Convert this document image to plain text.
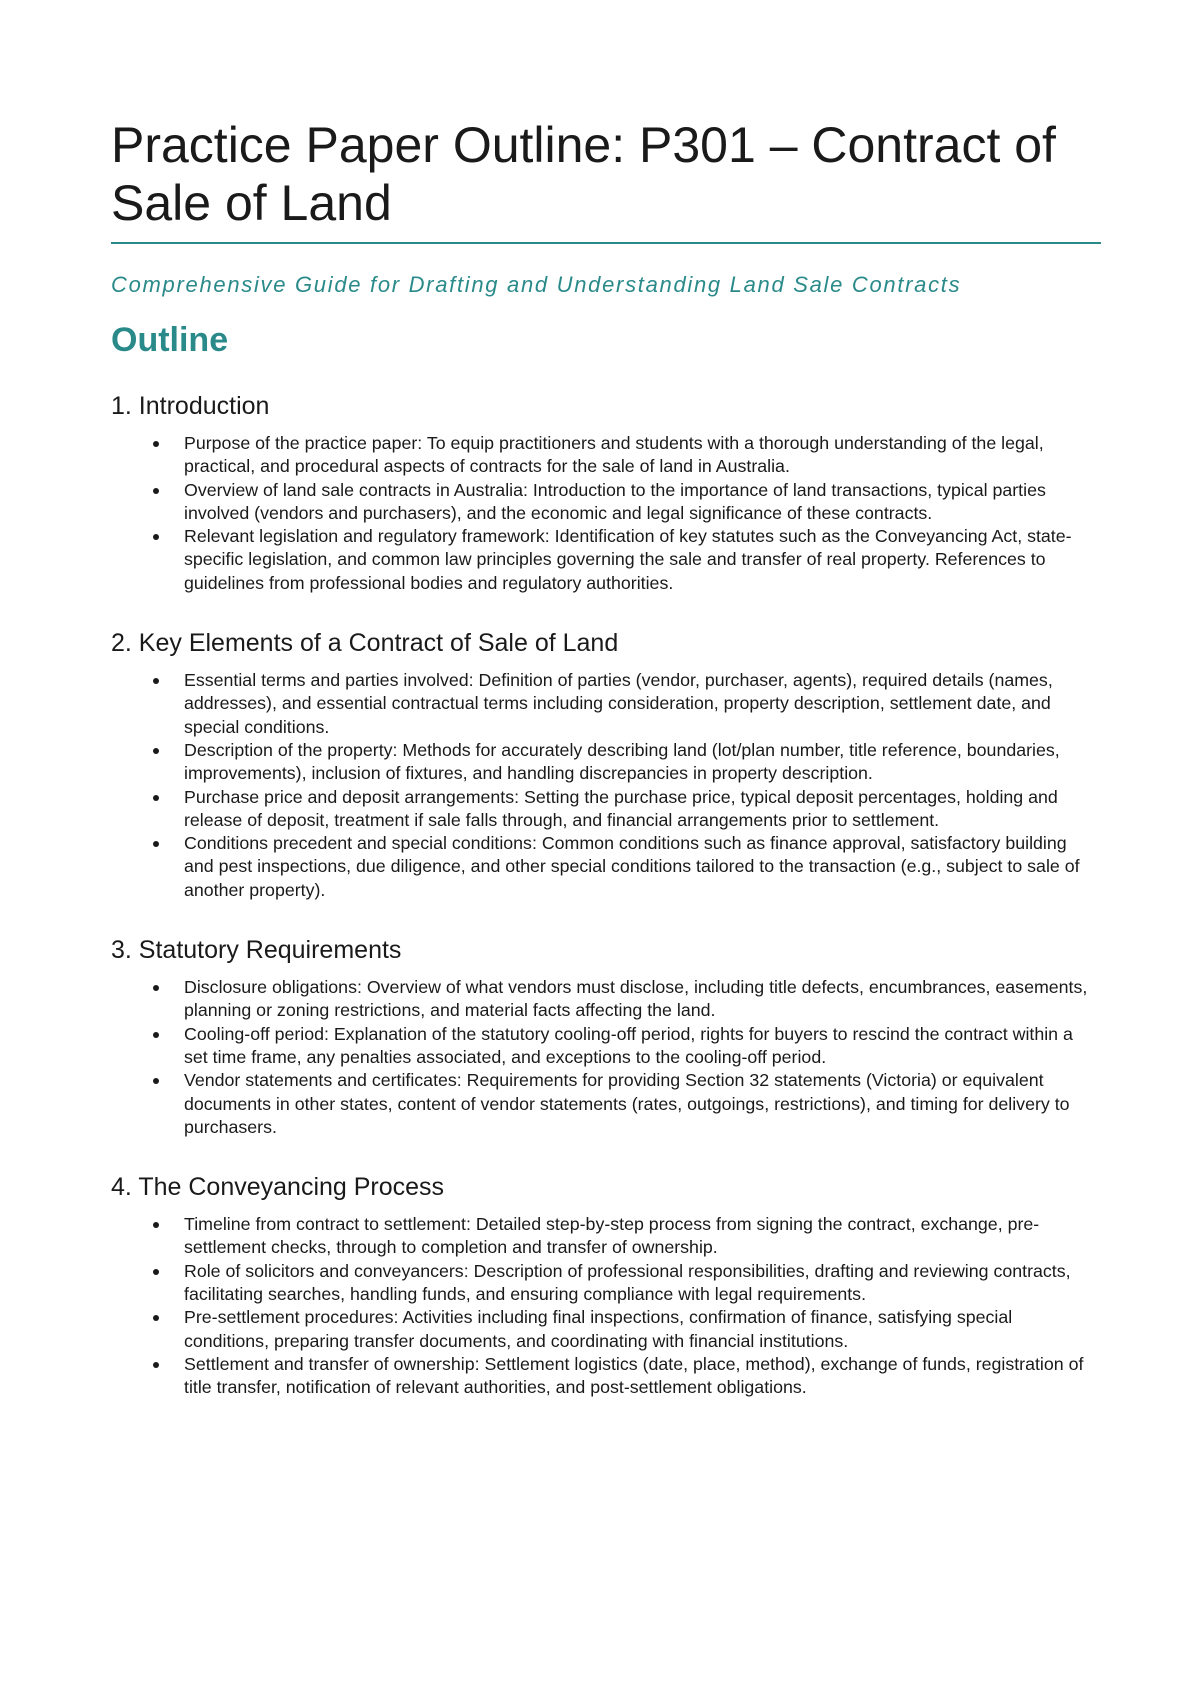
Practice Paper Outline: P301 – Contract of Sale of Land
Comprehensive Guide for Drafting and Understanding Land Sale Contracts
Outline
1. Introduction
Purpose of the practice paper: To equip practitioners and students with a thorough understanding of the legal, practical, and procedural aspects of contracts for the sale of land in Australia.
Overview of land sale contracts in Australia: Introduction to the importance of land transactions, typical parties involved (vendors and purchasers), and the economic and legal significance of these contracts.
Relevant legislation and regulatory framework: Identification of key statutes such as the Conveyancing Act, state-specific legislation, and common law principles governing the sale and transfer of real property. References to guidelines from professional bodies and regulatory authorities.
2. Key Elements of a Contract of Sale of Land
Essential terms and parties involved: Definition of parties (vendor, purchaser, agents), required details (names, addresses), and essential contractual terms including consideration, property description, settlement date, and special conditions.
Description of the property: Methods for accurately describing land (lot/plan number, title reference, boundaries, improvements), inclusion of fixtures, and handling discrepancies in property description.
Purchase price and deposit arrangements: Setting the purchase price, typical deposit percentages, holding and release of deposit, treatment if sale falls through, and financial arrangements prior to settlement.
Conditions precedent and special conditions: Common conditions such as finance approval, satisfactory building and pest inspections, due diligence, and other special conditions tailored to the transaction (e.g., subject to sale of another property).
3. Statutory Requirements
Disclosure obligations: Overview of what vendors must disclose, including title defects, encumbrances, easements, planning or zoning restrictions, and material facts affecting the land.
Cooling-off period: Explanation of the statutory cooling-off period, rights for buyers to rescind the contract within a set time frame, any penalties associated, and exceptions to the cooling-off period.
Vendor statements and certificates: Requirements for providing Section 32 statements (Victoria) or equivalent documents in other states, content of vendor statements (rates, outgoings, restrictions), and timing for delivery to purchasers.
4. The Conveyancing Process
Timeline from contract to settlement: Detailed step-by-step process from signing the contract, exchange, pre-settlement checks, through to completion and transfer of ownership.
Role of solicitors and conveyancers: Description of professional responsibilities, drafting and reviewing contracts, facilitating searches, handling funds, and ensuring compliance with legal requirements.
Pre-settlement procedures: Activities including final inspections, confirmation of finance, satisfying special conditions, preparing transfer documents, and coordinating with financial institutions.
Settlement and transfer of ownership: Settlement logistics (date, place, method), exchange of funds, registration of title transfer, notification of relevant authorities, and post-settlement obligations.
